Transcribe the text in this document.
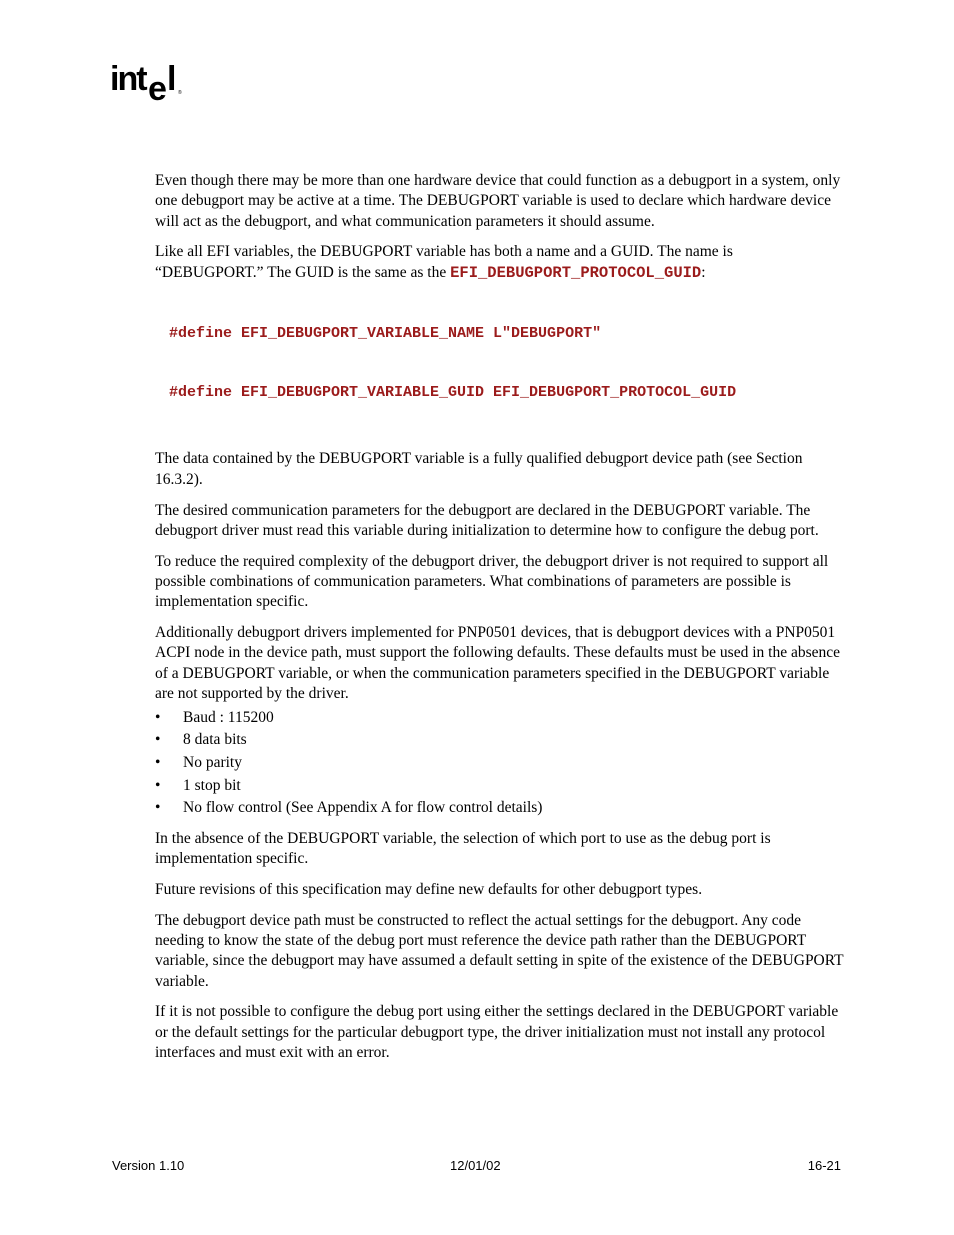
int e l ®

Even though there may be more than one hardware device that could function as a debugport in a system, only one debugport may be active at a time. The DEBUGPORT variable is used to declare which hardware device will act as the debugport, and what communication parameters it should assume.

Like all EFI variables, the DEBUGPORT variable has both a name and a GUID. The name is “DEBUGPORT.” The GUID is the same as the EFI_DEBUGPORT_PROTOCOL_GUID:

#define EFI_DEBUGPORT_VARIABLE_NAME L"DEBUGPORT"

#define EFI_DEBUGPORT_VARIABLE_GUID EFI_DEBUGPORT_PROTOCOL_GUID

The data contained by the DEBUGPORT variable is a fully qualified debugport device path (see Section 16.3.2).

The desired communication parameters for the debugport are declared in the DEBUGPORT variable. The debugport driver must read this variable during initialization to determine how to configure the debug port.

To reduce the required complexity of the debugport driver, the debugport driver is not required to support all possible combinations of communication parameters. What combinations of parameters are possible is implementation specific.

Additionally debugport drivers implemented for PNP0501 devices, that is debugport devices with a PNP0501 ACPI node in the device path, must support the following defaults. These defaults must be used in the absence of a DEBUGPORT variable, or when the communication parameters specified in the DEBUGPORT variable are not supported by the driver.

• Baud : 115200
• 8 data bits
• No parity
• 1 stop bit
• No flow control (See Appendix A for flow control details)

In the absence of the DEBUGPORT variable, the selection of which port to use as the debug port is implementation specific.

Future revisions of this specification may define new defaults for other debugport types.

The debugport device path must be constructed to reflect the actual settings for the debugport. Any code needing to know the state of the debug port must reference the device path rather than the DEBUGPORT variable, since the debugport may have assumed a default setting in spite of the existence of the DEBUGPORT variable.

If it is not possible to configure the debug port using either the settings declared in the DEBUGPORT variable or the default settings for the particular debugport type, the driver initialization must not install any protocol interfaces and must exit with an error.

Version 1.10	12/01/02	16-21
